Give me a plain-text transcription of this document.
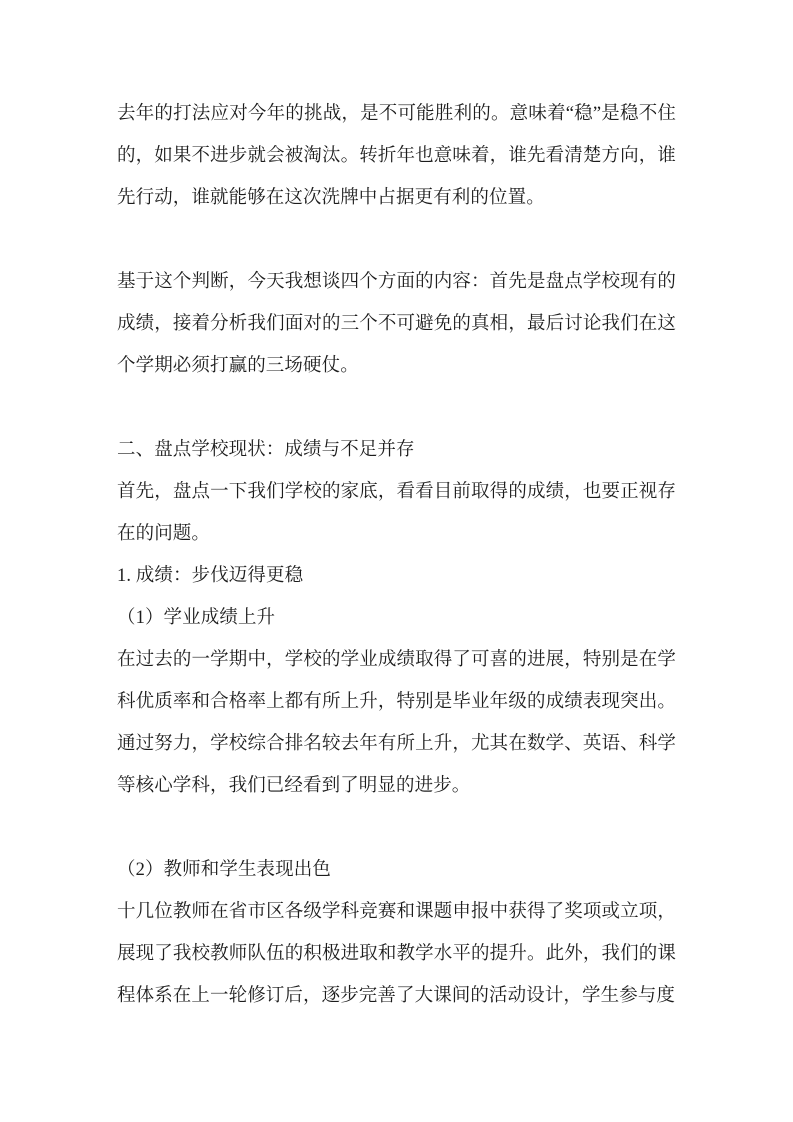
去年的打法应对今年的挑战，是不可能胜利的。意味着“稳”是稳不住的，如果不进步就会被淘汰。转折年也意味着，谁先看清楚方向，谁先行动，谁就能够在这次洗牌中占据更有利的位置。

基于这个判断，今天我想谈四个方面的内容：首先是盘点学校现有的成绩，接着分析我们面对的三个不可避免的真相，最后讨论我们在这个学期必须打赢的三场硬仗。

二、盘点学校现状：成绩与不足并存

首先，盘点一下我们学校的家底，看看目前取得的成绩，也要正视存在的问题。

1. 成绩：步伐迈得更稳

（1）学业成绩上升

在过去的一学期中，学校的学业成绩取得了可喜的进展，特别是在学科优质率和合格率上都有所上升，特别是毕业年级的成绩表现突出。通过努力，学校综合排名较去年有所上升，尤其在数学、英语、科学等核心学科，我们已经看到了明显的进步。

（2）教师和学生表现出色

十几位教师在省市区各级学科竞赛和课题申报中获得了奖项或立项，展现了我校教师队伍的积极进取和教学水平的提升。此外，我们的课程体系在上一轮修订后，逐步完善了大课间的活动设计，学生参与度
